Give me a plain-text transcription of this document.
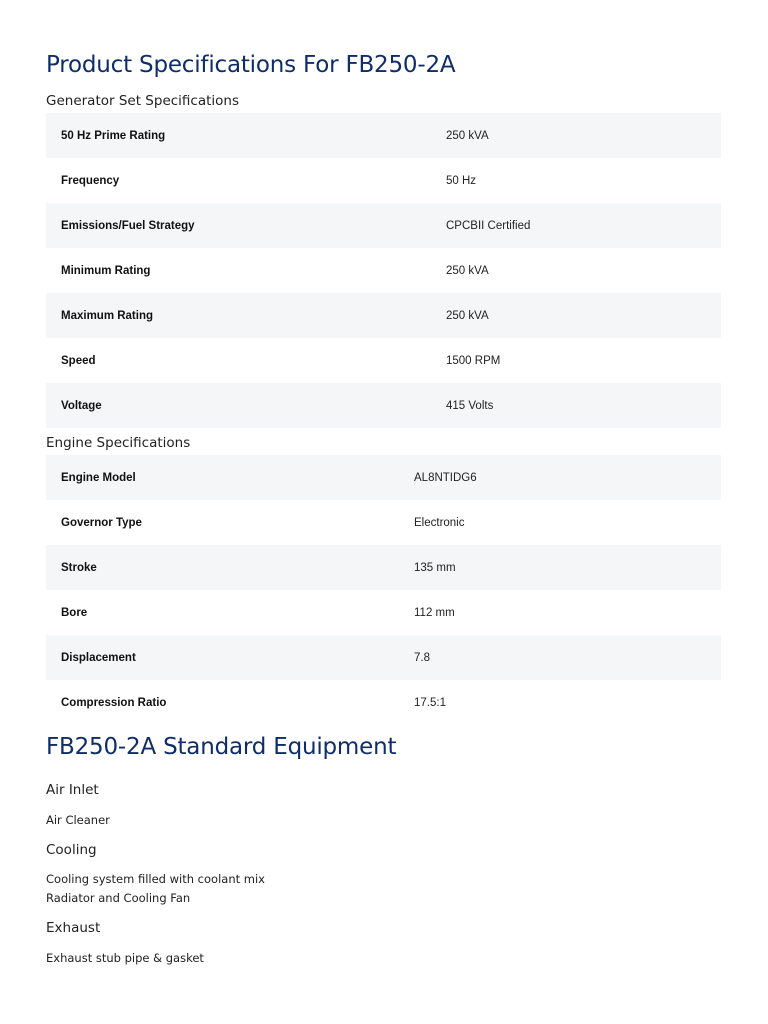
Product Specifications For FB250-2A
Generator Set Specifications
50 Hz Prime Rating	250 kVA
Frequency	50 Hz
Emissions/Fuel Strategy	CPCBII Certified
Minimum Rating	250 kVA
Maximum Rating	250 kVA
Speed	1500 RPM
Voltage	415 Volts
Engine Specifications
Engine Model	AL8NTIDG6
Governor Type	Electronic
Stroke	135 mm
Bore	112 mm
Displacement	7.8
Compression Ratio	17.5:1
FB250-2A Standard Equipment
Air Inlet
Air Cleaner
Cooling
Cooling system filled with coolant mix
Radiator and Cooling Fan
Exhaust
Exhaust stub pipe & gasket
